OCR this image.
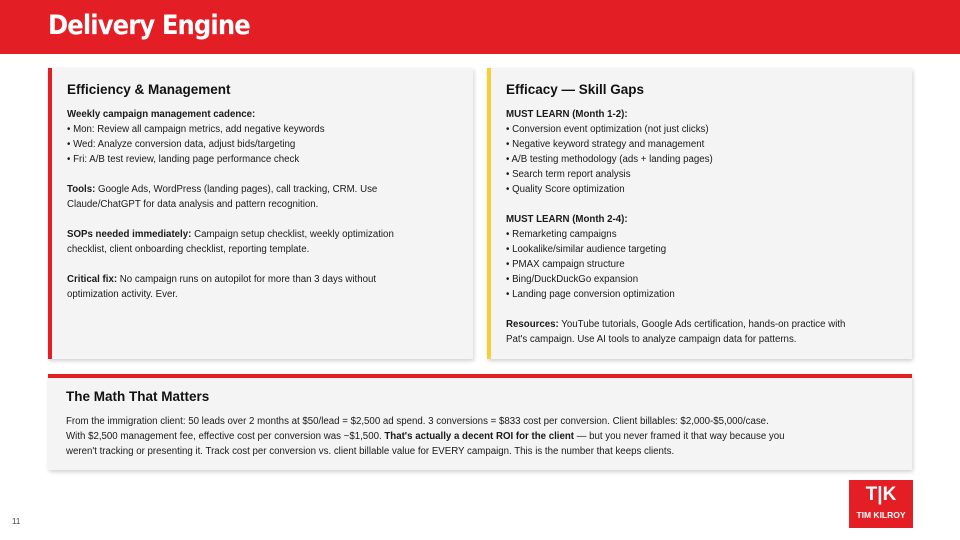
Delivery Engine
Efficiency & Management
Weekly campaign management cadence:
• Mon: Review all campaign metrics, add negative keywords
• Wed: Analyze conversion data, adjust bids/targeting
• Fri: A/B test review, landing page performance check
Tools: Google Ads, WordPress (landing pages), call tracking, CRM. Use
Claude/ChatGPT for data analysis and pattern recognition.
SOPs needed immediately: Campaign setup checklist, weekly optimization
checklist, client onboarding checklist, reporting template.
Critical fix: No campaign runs on autopilot for more than 3 days without
optimization activity. Ever.
Efficacy — Skill Gaps
MUST LEARN (Month 1-2):
• Conversion event optimization (not just clicks)
• Negative keyword strategy and management
• A/B testing methodology (ads + landing pages)
• Search term report analysis
• Quality Score optimization
MUST LEARN (Month 2-4):
• Remarketing campaigns
• Lookalike/similar audience targeting
• PMAX campaign structure
• Bing/DuckDuckGo expansion
• Landing page conversion optimization
Resources: YouTube tutorials, Google Ads certification, hands-on practice with
Pat's campaign. Use AI tools to analyze campaign data for patterns.
The Math That Matters
From the immigration client: 50 leads over 2 months at $50/lead = $2,500 ad spend. 3 conversions = $833 cost per conversion. Client billables: $2,000-$5,000/case.
With $2,500 management fee, effective cost per conversion was ~$1,500. That's actually a decent ROI for the client — but you never framed it that way because you
weren't tracking or presenting it. Track cost per conversion vs. client billable value for EVERY campaign. This is the number that keeps clients.
11
T|K
TIM KILROY
